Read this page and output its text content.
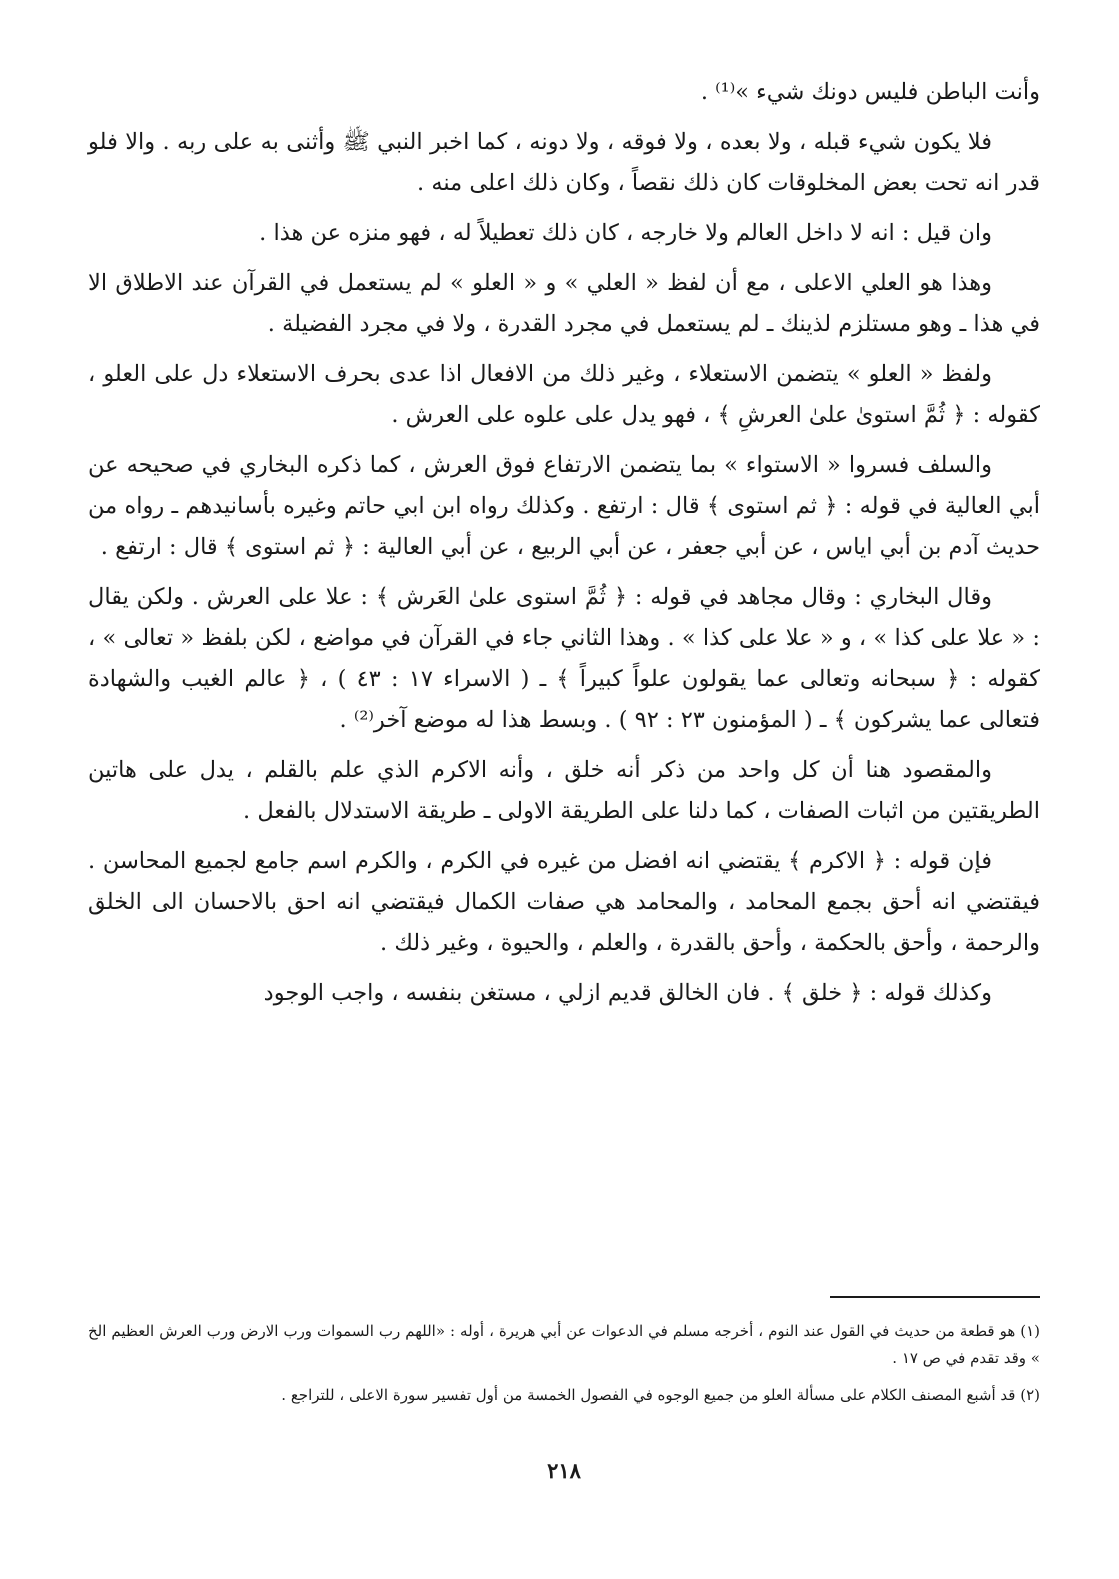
وأنت الباطن فليس دونك شيء »⁽¹⁾ .

فلا يكون شيء قبله ، ولا بعده ، ولا فوقه ، ولا دونه ، كما اخبر النبي ﷺ وأثنى به على ربه . والا فلو قدر انه تحت بعض المخلوقات كان ذلك نقصاً ، وكان ذلك اعلى منه .

وان قيل : انه لا داخل العالم ولا خارجه ، كان ذلك تعطيلاً له ، فهو منزه عن هذا .

وهذا هو العلي الاعلى ، مع أن لفظ « العلي » و « العلو » لم يستعمل في القرآن عند الاطلاق الا في هذا ـ وهو مستلزم لذينك ـ لم يستعمل في مجرد القدرة ، ولا في مجرد الفضيلة .

ولفظ « العلو » يتضمن الاستعلاء ، وغير ذلك من الافعال اذا عدى بحرف الاستعلاء دل على العلو ، كقوله : ﴿ ثُمَّ استوىٰ علىٰ العرشِ ﴾ ، فهو يدل على علوه على العرش .

والسلف فسروا « الاستواء » بما يتضمن الارتفاع فوق العرش ، كما ذكره البخاري في صحيحه عن أبي العالية في قوله : ﴿ ثم استوى ﴾ قال : ارتفع . وكذلك رواه ابن ابي حاتم وغيره بأسانيدهم ـ رواه من حديث آدم بن أبي اياس ، عن أبي جعفر ، عن أبي الربيع ، عن أبي العالية : ﴿ ثم استوى ﴾ قال : ارتفع .

وقال البخاري : وقال مجاهد في قوله : ﴿ ثُمَّ استوى علىٰ العَرش ﴾ : علا على العرش . ولكن يقال : « علا على كذا » ، و « علا على كذا » . وهذا الثاني جاء في القرآن في مواضع ، لكن بلفظ « تعالى » ، كقوله : ﴿ سبحانه وتعالى عما يقولون علواً كبيراً ﴾ ـ ( الاسراء ١٧ : ٤٣ ) ، ﴿ عالم الغيب والشهادة فتعالى عما يشركون ﴾ ـ ( المؤمنون ٢٣ : ٩٢ ) . وبسط هذا له موضع آخر⁽²⁾ .

والمقصود هنا أن كل واحد من ذكر أنه خلق ، وأنه الاكرم الذي علم بالقلم ، يدل على هاتين الطريقتين من اثبات الصفات ، كما دلنا على الطريقة الاولى ـ طريقة الاستدلال بالفعل .

فإن قوله : ﴿ الاكرم ﴾ يقتضي انه افضل من غيره في الكرم ، والكرم اسم جامع لجميع المحاسن . فيقتضي انه أحق بجمع المحامد ، والمحامد هي صفات الكمال فيقتضي انه احق بالاحسان الى الخلق والرحمة ، وأحق بالحكمة ، وأحق بالقدرة ، والعلم ، والحيوة ، وغير ذلك .

وكذلك قوله : ﴿ خلق ﴾ . فان الخالق قديم ازلي ، مستغن بنفسه ، واجب الوجود

(١) هو قطعة من حديث في القول عند النوم ، أخرجه مسلم في الدعوات عن أبي هريرة ، أوله : «اللهم رب السموات ورب الارض ورب العرش العظيم الخ » وقد تقدم في ص ١٧ .

(٢) قد أشبع المصنف الكلام على مسألة العلو من جميع الوجوه في الفصول الخمسة من أول تفسير سورة الاعلى ، للتراجع .

٢١٨
